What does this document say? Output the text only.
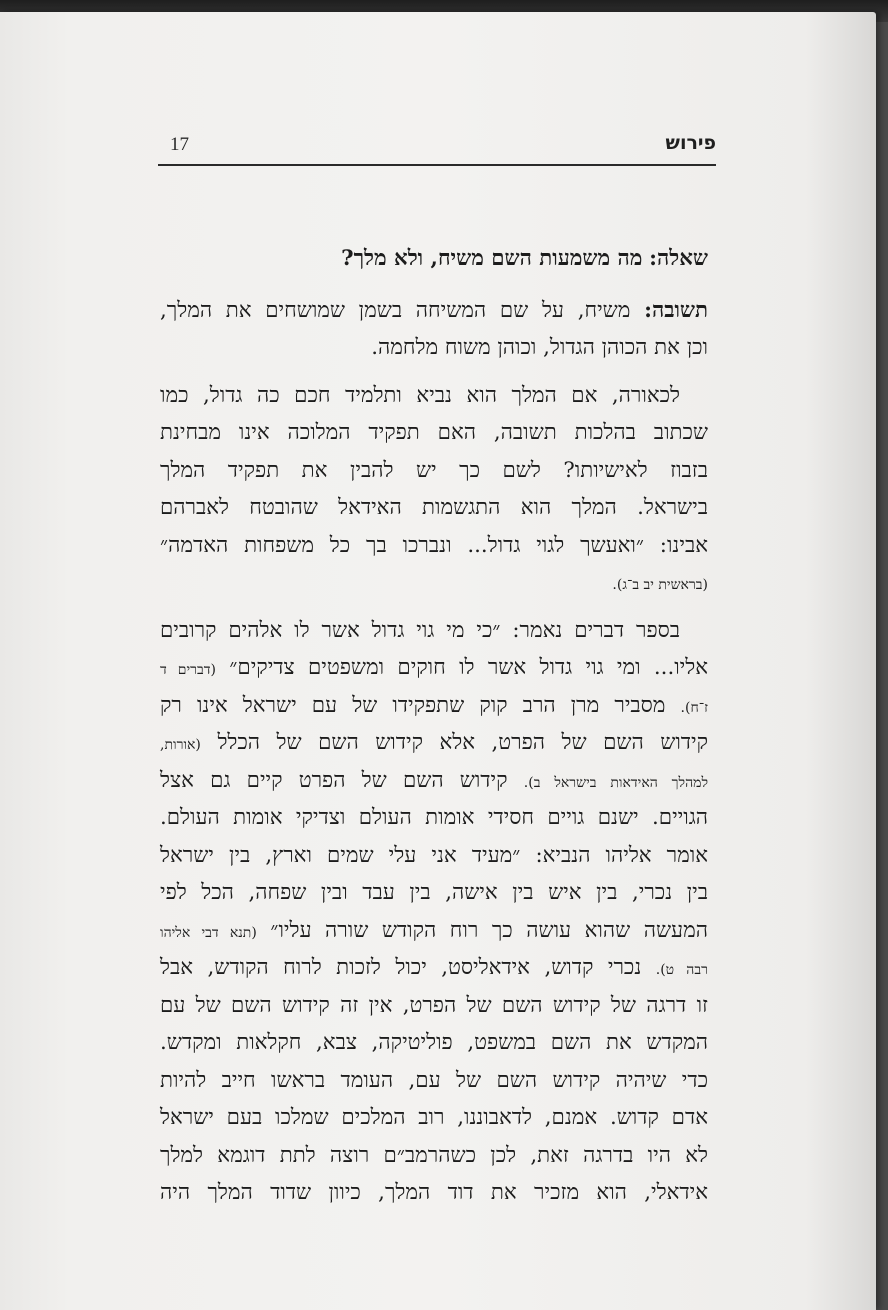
פירוש
17
שאלה: מה משמעות השם משיח, ולא מלך?
תשובה: משיח, על שם המשיחה בשמן שמושחים את המלך,
וכן את הכוהן הגדול, וכוהן משוח מלחמה.
לכאורה, אם המלך הוא נביא ותלמיד חכם כה גדול, כמו
שכתוב בהלכות תשובה, האם תפקיד המלוכה אינו מבחינת
בזבוז לאישיותו? לשם כך יש להבין את תפקיד המלך
בישראל. המלך הוא התגשמות האידאל שהובטח לאברהם
אבינו: ״ואעשך לגוי גדול... ונברכו בך כל משפחות האדמה״
(בראשית יב ב־ג).
בספר דברים נאמר: ״כי מי גוי גדול אשר לו אלהים קרובים
אליו... ומי גוי גדול אשר לו חוקים ומשפטים צדיקים״ (דברים ד
ז־ח). מסביר מרן הרב קוק שתפקידו של עם ישראל אינו רק
קידוש השם של הפרט, אלא קידוש השם של הכלל (אורות,
למהלך האידאות בישראל ב). קידוש השם של הפרט קיים גם אצל
הגויים. ישנם גויים חסידי אומות העולם וצדיקי אומות העולם.
אומר אליהו הנביא: ״מעיד אני עלי שמים וארץ, בין ישראל
בין נכרי, בין איש בין אישה, בין עבד ובין שפחה, הכל לפי
המעשה שהוא עושה כך רוח הקודש שורה עליו״ (תנא דבי אליהו
רבה ט). נכרי קדוש, אידאליסט, יכול לזכות לרוח הקודש, אבל
זו דרגה של קידוש השם של הפרט, אין זה קידוש השם של עם
המקדש את השם במשפט, פוליטיקה, צבא, חקלאות ומקדש.
כדי שיהיה קידוש השם של עם, העומד בראשו חייב להיות
אדם קדוש. אמנם, לדאבוננו, רוב המלכים שמלכו בעם ישראל
לא היו בדרגה זאת, לכן כשהרמב״ם רוצה לתת דוגמא למלך
אידאלי, הוא מזכיר את דוד המלך, כיוון שדוד המלך היה
